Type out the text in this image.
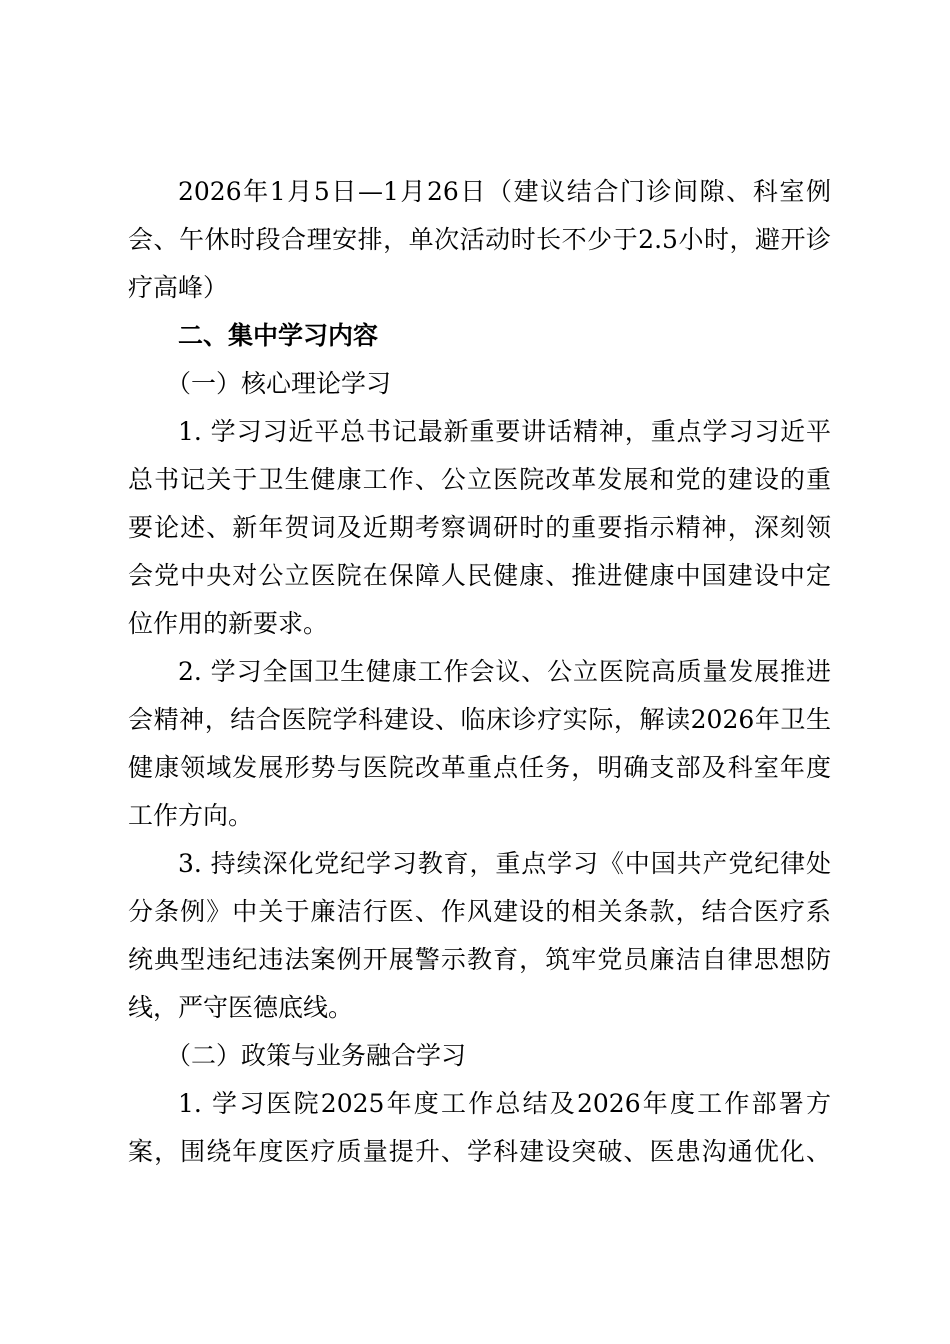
2026年1月5日—1月26日（建议结合门诊间隙、科室例
会、午休时段合理安排，单次活动时长不少于2.5小时，避开诊
疗高峰）
二、集中学习内容
（一）核心理论学习
1. 学习习近平总书记最新重要讲话精神，重点学习习近平
总书记关于卫生健康工作、公立医院改革发展和党的建设的重
要论述、新年贺词及近期考察调研时的重要指示精神，深刻领
会党中央对公立医院在保障人民健康、推进健康中国建设中定
位作用的新要求。
2. 学习全国卫生健康工作会议、公立医院高质量发展推进
会精神，结合医院学科建设、临床诊疗实际，解读2026年卫生
健康领域发展形势与医院改革重点任务，明确支部及科室年度
工作方向。
3. 持续深化党纪学习教育，重点学习《中国共产党纪律处
分条例》中关于廉洁行医、作风建设的相关条款，结合医疗系
统典型违纪违法案例开展警示教育，筑牢党员廉洁自律思想防
线，严守医德底线。
（二）政策与业务融合学习
1. 学习医院2025年度工作总结及2026年度工作部署方
案，围绕年度医疗质量提升、学科建设突破、医患沟通优化、
